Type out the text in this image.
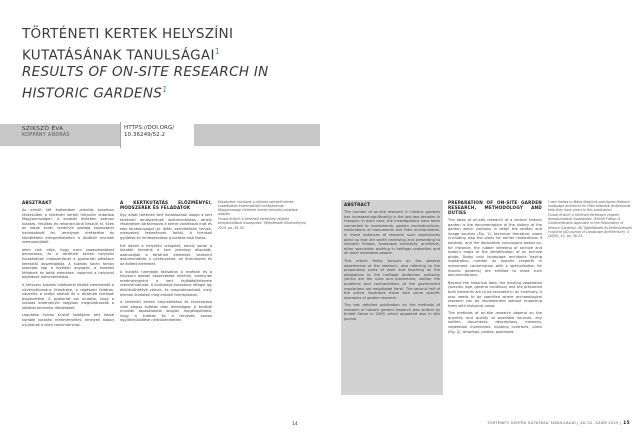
TÖRTÉNETI KERTEK HELYSZÍNI KUTATÁSÁNAK TANULSÁGAI$^1$
RESULTS OF ON-SITE RESEARCH IN HISTORIC GARDENS$^1$
SZIKSZÓ ÉVA
KOPPÁNY ANDRÁS
HTTPS://DOI.ORG/
10.36249/52.2
ABSZTRAKT

Az elmúlt két évtizedben jelentős számban részesültek a történeti kertek helyszíni kutatása Magyarországon. A korábbi években számos kutatás, felújítás és rekonstrukció készült el. Ezek az iratok során rendkívül gazdag tapasztalat halmozódott fel, amelynek értékelése és közzététele elengedhetetlen a jövőbeli munkák szempontjából.

Jelen cikk célja, hogy ezen tapasztalatokat bemutassa, és a történeti kertek helyszíni kutatásának módszertanát a gyakorlati példákon keresztül összefoglalja. A kutatás során fontos szerepet kap a levéltári anyagok, a korabeli térképek és fotók elemzése, valamint a helyszíni bejárások dokumentálása.

A helyszíni kutatás módszerei között kiemelendő a növényállomány felmérése, a régészeti feltárás, valamint a terepi adatok és a történeti források összevetése. A gyakorlat azt mutatja, hogy a kutatás eredményei nagyban meghatározzák a későbbi tervezési döntéseket.

Legutóbb Fonsei Kristóf kollégánk tett közzé korábbi kutatási eredményeket, amelyek alapot nyújtanak a jelen tanulmányhoz.

A KERTKUTATÁS ELŐZMÉNYEI, MÓDSZEREK ÉS FELADATOK

Egy adott történeti kert kutatásának alapja a kert történeti rendszerének dokumentálása, amely részletesen tartalmazza a kertre vonatkozó írott és képi forrásanyagot (pl. leltár, szerződések, tervek, metszetek, festmények, fotók). A források gyűjtése és rendszerezése a kutatás első fázisa.

Ezt követi a helyszíni vizsgálat, amely során a kutatók felmérik a kert jelenlegi állapotát, azonosítják a történeti elemeket, valamint dokumentálják a növényzetet, az útrendszert és az épített elemeket.

A kutatás harmadik fázisában a levéltári és a helyszíni adatok összevetése történik, amelynek eredményeként a kert fejlődéstörténete rekonstruálható. A különböző korszakok rétegei így elkülöníthetővé válnak, és meghatározható, mely elemek őrződtek meg eredeti formájukban.

A történeti kertek helyreállítása és fenntartása csak alapos kutatás után lehetséges. A korábbi munkák tapasztalatai alapján megállapítható, hogy a kutatás és a tervezés szoros együttműködése nélkülözhetetlen.

Köszönetet mondunk a cikkben szereplő kertek kutatásában közreműködő kollégáinknak. Magyarországi történeti kertek helyszíni kutatásai alapján.

Fonsei Kristóf: A történeti kertekben végzett terepkutatások összegzése. Tájépítészeti Közlemények, 2019. pp. 38–55.

14
ABSTRACT

The number of on-site research in historic gardens has increased significantly in the last two decades in Hungary. In each case, the investigations have been connected to investments, garden reconstructions, restorations of monuments and their environments. In these instances of research such experiences piled up that are worth reviewing and presenting to research fellows, landscape architects, architects, other specialists working in heritage protection and all other interested people.

This article firstly focuses on the general experiences of the research, also referring to the preparatory parts of work and touching on the obligations to the heritage protection authority (which are the rules and procedures, neither the problems and contradictions of the government regulations are negotiated here). The second half of the article illustrates these with some specific examples of garden research.

The last detailed publication on the methods of research of historic garden research was written by Kristóf Fatsar in 2009, which appeared also in this journal.

PREPARATION OF ON-SITE GARDEN RESEARCH, METHODOLOGY AND DUTIES

The basis of on-site research of a certain historic garden is the documentation of the history of the garden which contains in detail the written and image sources (Fig. 1), technical literature, plans (including also the plans for earlier restorations if existed), and the deductible conclusions based on, for instance, the rubber sheeting of archive and today's maps or the identification of an archive photo. Today only landscape architects having registration number as experts (experts in monument conservation with a specialisation for historic gardens) are entitled to make such documentations.

Beyond the historical data, the existing vegetation (species, age, general condition) and the presumed built elements are to be recorded in an inventory. It also needs to be specified where archaeological research can be implemented without impacting trees with historical value.

The methods of on-site research depend on the quantity and quality of available sources: any written documents, descriptions, memoirs, vegetation inventories, building contracts, plans (Fig. 2), drawings, photos, postcards.

I owe thanks to Mária Klagyivik and Ágnes Herbeck landscape architects for their essential professional help they have given to this publication.

Fonsei Kristóf: A történeti kertekben végzett terepkutatások összegzése. (Kristóf Fatsar: A Comprehensive Approach to the Restoration of Historic Gardens). 4D Tájépítészeti és Kertművészeti Folyóirat (4D Journal of Landscape Architecture), 4 (2009), 15, pp. 38–55.

TÖRTÉNETI KERTEK KUTATÁSA TANULSÁGAI | 4D 52. SZÁM 2019 | 15
